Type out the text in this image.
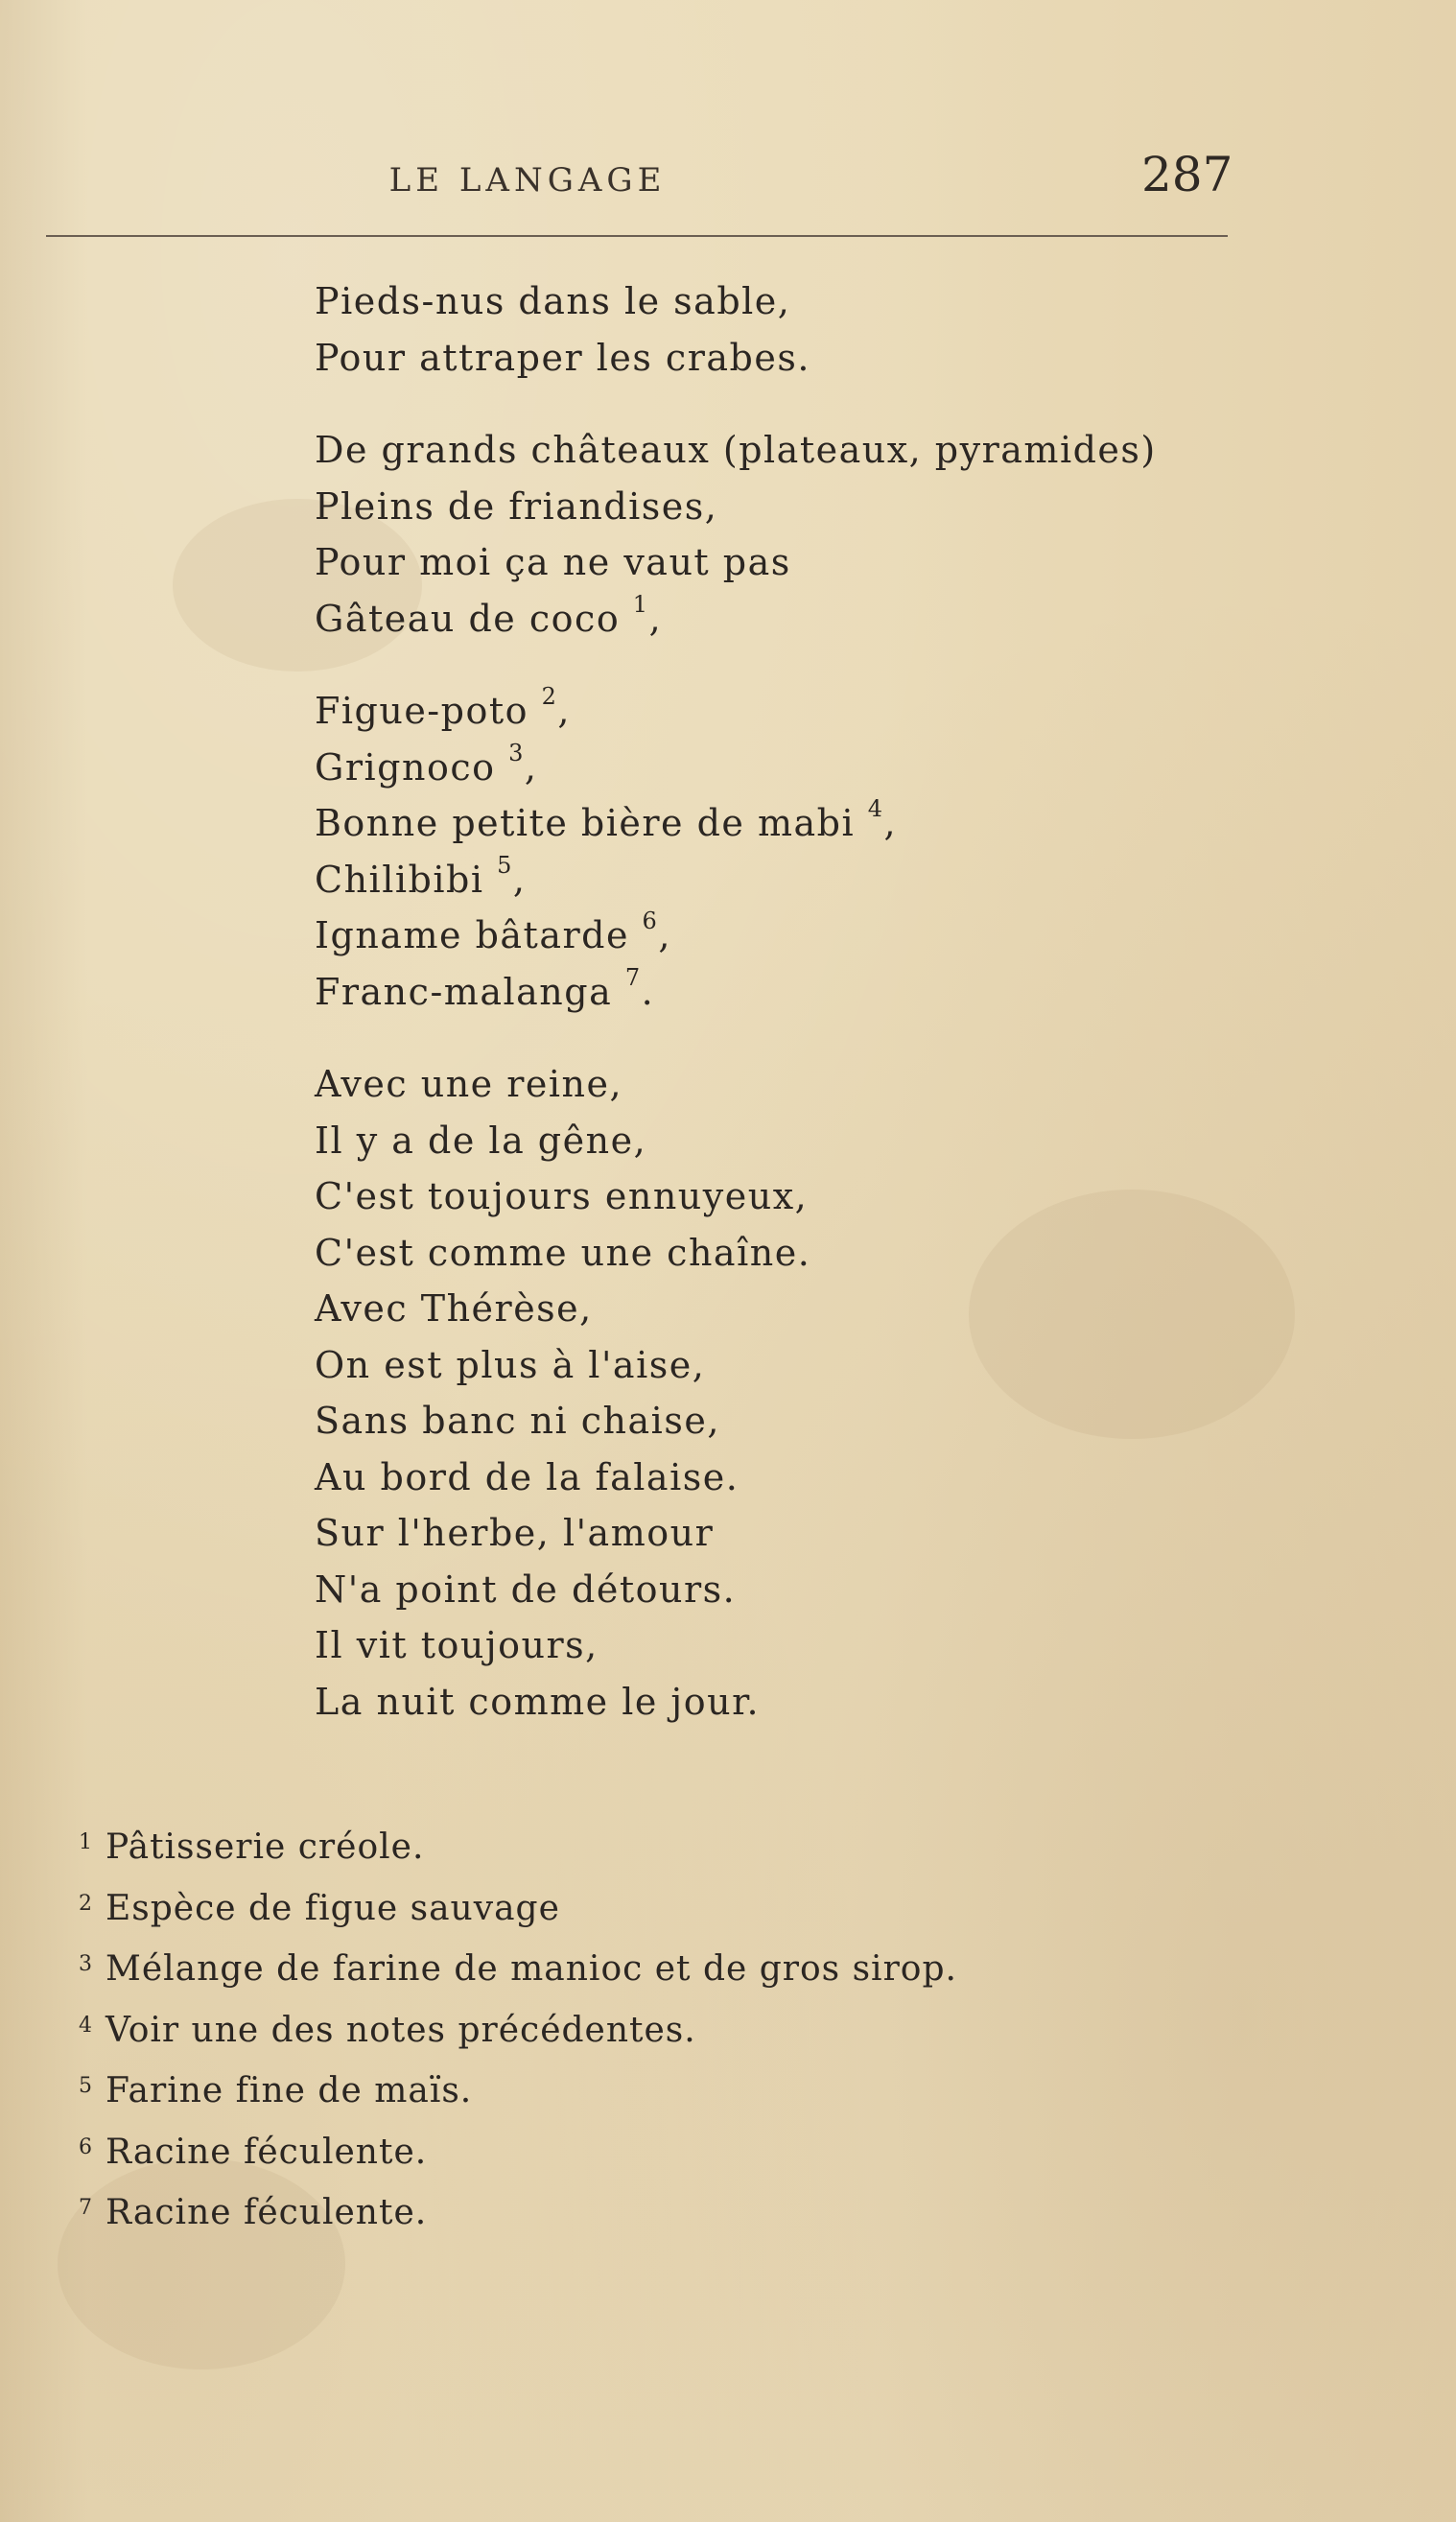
LE LANGAGE	287
Pieds-nus dans le sable,
Pour attraper les crabes.
De grands châteaux (plateaux, pyramides)
Pleins de friandises,
Pour moi ça ne vaut pas
Gâteau de coco $^1$,
Figue-poto $^2$,
Grignoco $^3$,
Bonne petite bière de mabi $^4$,
Chilibibi $^5$,
Igname bâtarde $^6$,
Franc-malanga $^7$.
Avec une reine,
Il y a de la gêne,
C'est toujours ennuyeux,
C'est comme une chaîne.
Avec Thérèse,
On est plus à l'aise,
Sans banc ni chaise,
Au bord de la falaise.
Sur l'herbe, l'amour
N'a point de détours.
Il vit toujours,
La nuit comme le jour.
1 Pâtisserie créole.
2 Espèce de figue sauvage
3 Mélange de farine de manioc et de gros sirop.
4 Voir une des notes précédentes.
5 Farine fine de maïs.
6 Racine féculente.
7 Racine féculente.
